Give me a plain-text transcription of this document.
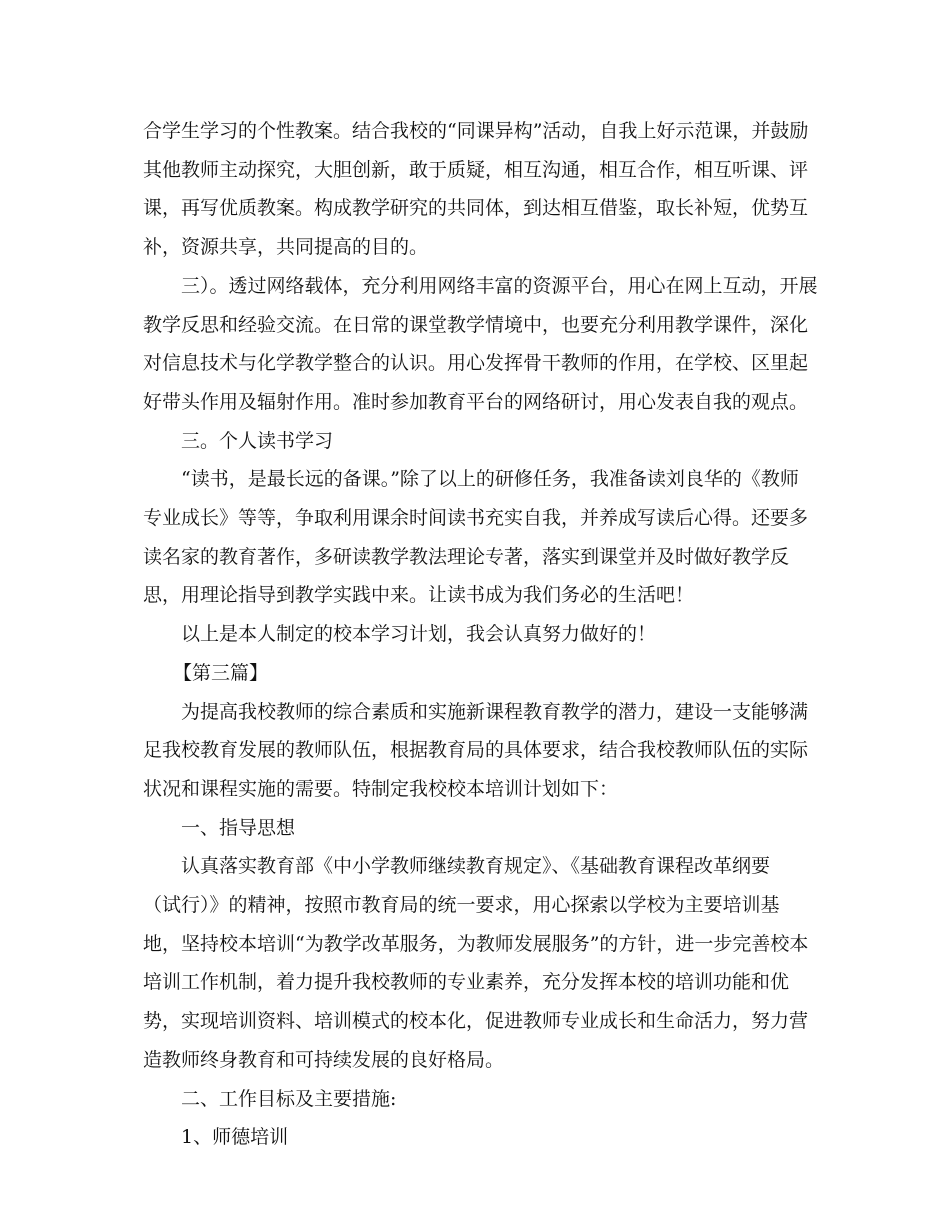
合学生学习的个性教案。结合我校的“同课异构”活动，自我上好示范课，并鼓励
其他教师主动探究，大胆创新，敢于质疑，相互沟通，相互合作，相互听课、评
课，再写优质教案。构成教学研究的共同体，到达相互借鉴，取长补短，优势互
补，资源共享，共同提高的目的。

三）。透过网络载体，充分利用网络丰富的资源平台，用心在网上互动，开展
教学反思和经验交流。在日常的课堂教学情境中，也要充分利用教学课件，深化
对信息技术与化学教学整合的认识。用心发挥骨干教师的作用，在学校、区里起
好带头作用及辐射作用。准时参加教育平台的网络研讨，用心发表自我的观点。

三。个人读书学习

“读书，是最长远的备课。”除了以上的研修任务，我准备读刘良华的《教师
专业成长》等等，争取利用课余时间读书充实自我，并养成写读后心得。还要多
读名家的教育著作，多研读教学教法理论专著，落实到课堂并及时做好教学反
思，用理论指导到教学实践中来。让读书成为我们务必的生活吧！

以上是本人制定的校本学习计划，我会认真努力做好的！

【第三篇】

为提高我校教师的综合素质和实施新课程教育教学的潜力，建设一支能够满
足我校教育发展的教师队伍，根据教育局的具体要求，结合我校教师队伍的实际
状况和课程实施的需要。特制定我校校本培训计划如下：

一、指导思想

认真落实教育部《中小学教师继续教育规定》、《基础教育课程改革纲要
（试行）》的精神，按照市教育局的统一要求，用心探索以学校为主要培训基
地，坚持校本培训“为教学改革服务，为教师发展服务”的方针，进一步完善校本
培训工作机制，着力提升我校教师的专业素养，充分发挥本校的培训功能和优
势，实现培训资料、培训模式的校本化，促进教师专业成长和生命活力，努力营
造教师终身教育和可持续发展的良好格局。

二、工作目标及主要措施:

1、师德培训
